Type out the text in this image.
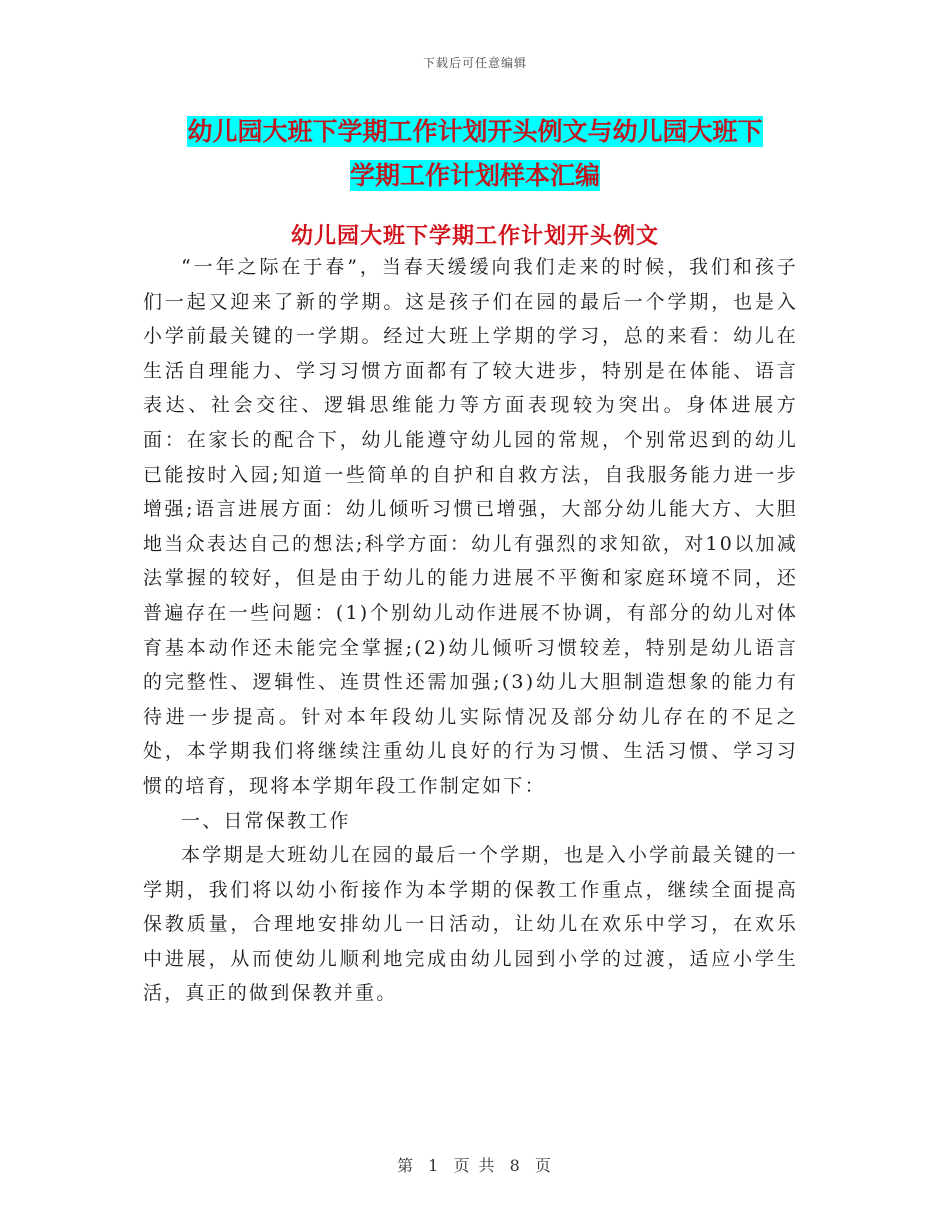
下载后可任意编辑
幼儿园大班下学期工作计划开头例文与幼儿园大班下
学期工作计划样本汇编
幼儿园大班下学期工作计划开头例文

“一年之际在于春”，当春天缓缓向我们走来的时候，我们和孩子们一起又迎来了新的学期。这是孩子们在园的最后一个学期，也是入小学前最关键的一学期。经过大班上学期的学习，总的来看：幼儿在生活自理能力、学习习惯方面都有了较大进步，特别是在体能、语言表达、社会交往、逻辑思维能力等方面表现较为突出。身体进展方面：在家长的配合下，幼儿能遵守幼儿园的常规，个别常迟到的幼儿已能按时入园;知道一些简单的自护和自救方法，自我服务能力进一步增强;语言进展方面：幼儿倾听习惯已增强，大部分幼儿能大方、大胆地当众表达自己的想法;科学方面：幼儿有强烈的求知欲，对10以加减法掌握的较好，但是由于幼儿的能力进展不平衡和家庭环境不同，还普遍存在一些问题：(1)个别幼儿动作进展不协调，有部分的幼儿对体育基本动作还未能完全掌握;(2)幼儿倾听习惯较差，特别是幼儿语言的完整性、逻辑性、连贯性还需加强;(3)幼儿大胆制造想象的能力有待进一步提高。针对本年段幼儿实际情况及部分幼儿存在的不足之处，本学期我们将继续注重幼儿良好的行为习惯、生活习惯、学习习惯的培育，现将本学期年段工作制定如下：

一、日常保教工作

本学期是大班幼儿在园的最后一个学期，也是入小学前最关键的一学期，我们将以幼小衔接作为本学期的保教工作重点，继续全面提高保教质量，合理地安排幼儿一日活动，让幼儿在欢乐中学习，在欢乐中进展，从而使幼儿顺利地完成由幼儿园到小学的过渡，适应小学生活，真正的做到保教并重。

第 1 页 共 8 页
